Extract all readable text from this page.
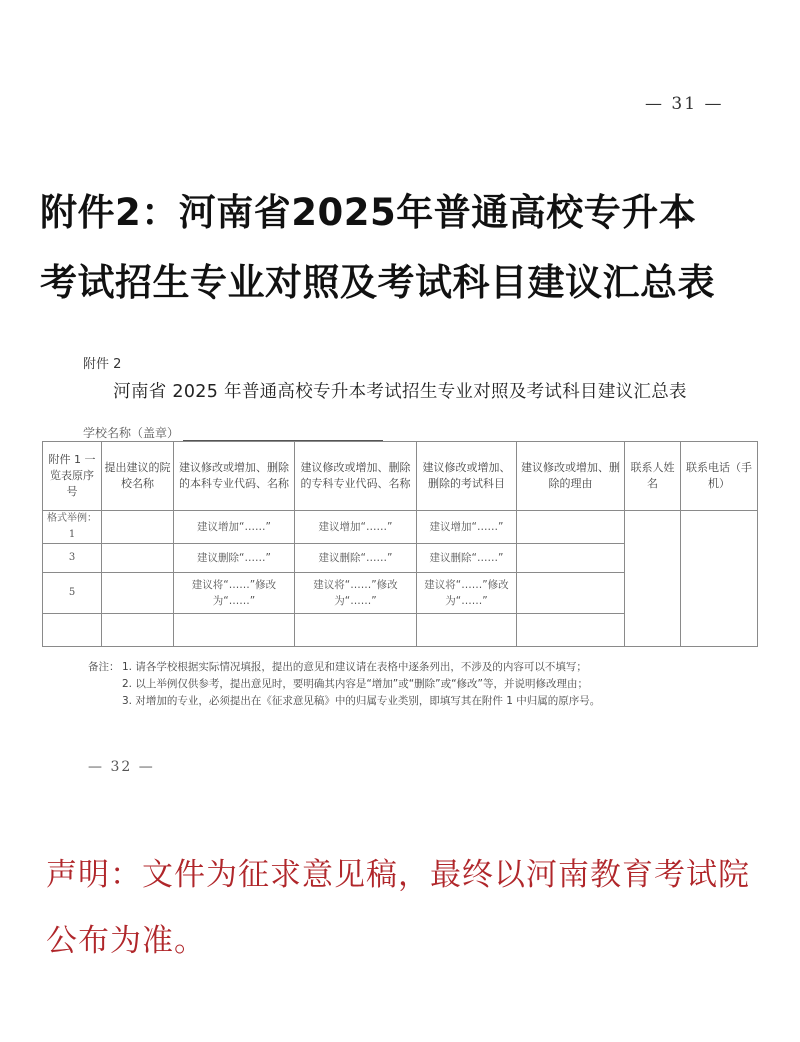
— 31 —
附件2：河南省2025年普通高校专升本
考试招生专业对照及考试科目建议汇总表
附件 2
河南省 2025 年普通高校专升本考试招生专业对照及考试科目建议汇总表
学校名称（盖章）
附件 1 一览表原序号	提出建议的院校名称	建议修改或增加、删除的本科专业代码、名称	建议修改或增加、删除的专科专业代码、名称	建议修改或增加、删除的考试科目	建议修改或增加、删除的理由	联系人姓名	联系电话（手机）
格式举例：1		建议增加“……”	建议增加“……”	建议增加“……”			
3		建议删除“……”	建议删除“……”	建议删除“……”			
5		建议将“……”修改为“……”	建议将“……”修改为“……”	建议将“……”修改为“……”			

备注： 1. 请各学校根据实际情况填报，提出的意见和建议请在表格中逐条列出，不涉及的内容可以不填写；
2. 以上举例仅供参考，提出意见时，要明确其内容是“增加”或“删除”或“修改”等，并说明修改理由；
3. 对增加的专业，必须提出在《征求意见稿》中的归属专业类别，即填写其在附件 1 中归属的原序号。
— 32 —
声明：文件为征求意见稿，最终以河南教育考试院公布为准。
